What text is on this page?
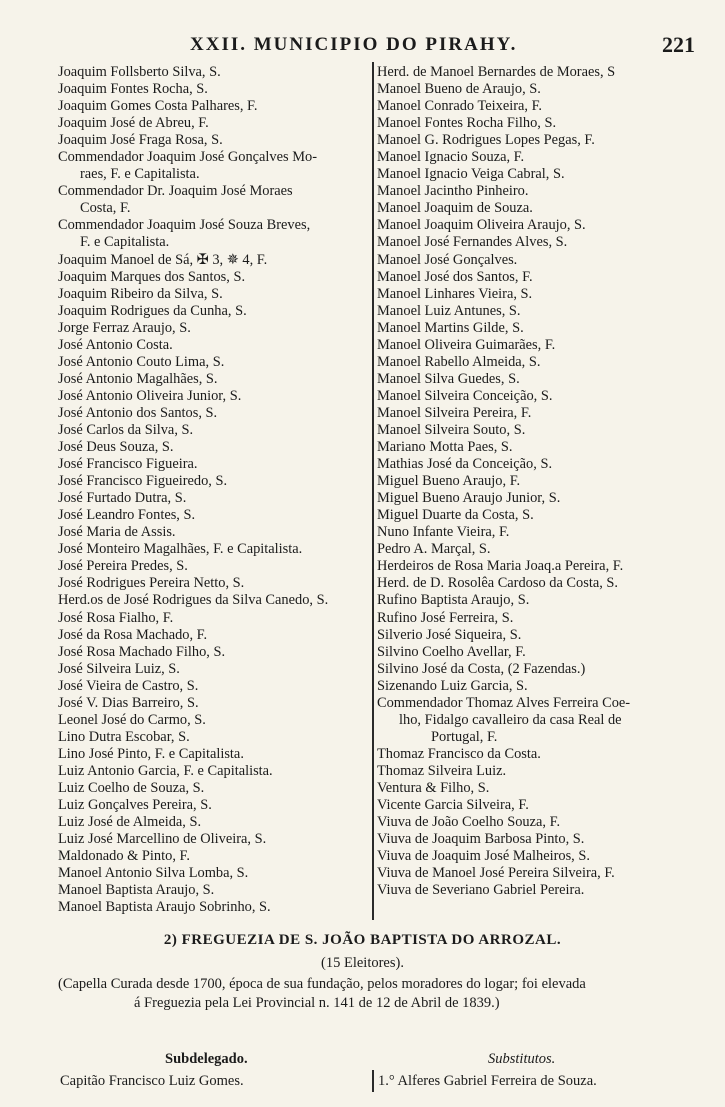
XXII. MUNICIPIO DO PIRAHY.	221
Joaquim Follsberto Silva, S.
Joaquim Fontes Rocha, S.
Joaquim Gomes Costa Palhares, F.
Joaquim José de Abreu, F.
Joaquim José Fraga Rosa, S.
Commendador Joaquim José Gonçalves Mo-
raes, F. e Capitalista.
Commendador Dr. Joaquim José Moraes
Costa, F.
Commendador Joaquim José Souza Breves,
F. e Capitalista.
Joaquim Manoel de Sá, ✠ 3, ✵ 4, F.
Joaquim Marques dos Santos, S.
Joaquim Ribeiro da Silva, S.
Joaquim Rodrigues da Cunha, S.
Jorge Ferraz Araujo, S.
José Antonio Costa.
José Antonio Couto Lima, S.
José Antonio Magalhães, S.
José Antonio Oliveira Junior, S.
José Antonio dos Santos, S.
José Carlos da Silva, S.
José Deus Souza, S.
José Francisco Figueira.
José Francisco Figueiredo, S.
José Furtado Dutra, S.
José Leandro Fontes, S.
José Maria de Assis.
José Monteiro Magalhães, F. e Capitalista.
José Pereira Predes, S.
José Rodrigues Pereira Netto, S.
Herd.os de José Rodrigues da Silva Canedo, S.
José Rosa Fialho, F.
José da Rosa Machado, F.
José Rosa Machado Filho, S.
José Silveira Luiz, S.
José Vieira de Castro, S.
José V. Dias Barreiro, S.
Leonel José do Carmo, S.
Lino Dutra Escobar, S.
Lino José Pinto, F. e Capitalista.
Luiz Antonio Garcia, F. e Capitalista.
Luiz Coelho de Souza, S.
Luiz Gonçalves Pereira, S.
Luiz José de Almeida, S.
Luiz José Marcellino de Oliveira, S.
Maldonado & Pinto, F.
Manoel Antonio Silva Lomba, S.
Manoel Baptista Araujo, S.
Manoel Baptista Araujo Sobrinho, S.
Herd. de Manoel Bernardes de Moraes, S
Manoel Bueno de Araujo, S.
Manoel Conrado Teixeira, F.
Manoel Fontes Rocha Filho, S.
Manoel G. Rodrigues Lopes Pegas, F.
Manoel Ignacio Souza, F.
Manoel Ignacio Veiga Cabral, S.
Manoel Jacintho Pinheiro.
Manoel Joaquim de Souza.
Manoel Joaquim Oliveira Araujo, S.
Manoel José Fernandes Alves, S.
Manoel José Gonçalves.
Manoel José dos Santos, F.
Manoel Linhares Vieira, S.
Manoel Luiz Antunes, S.
Manoel Martins Gilde, S.
Manoel Oliveira Guimarães, F.
Manoel Rabello Almeida, S.
Manoel Silva Guedes, S.
Manoel Silveira Conceição, S.
Manoel Silveira Pereira, F.
Manoel Silveira Souto, S.
Mariano Motta Paes, S.
Mathias José da Conceição, S.
Miguel Bueno Araujo, F.
Miguel Bueno Araujo Junior, S.
Miguel Duarte da Costa, S.
Nuno Infante Vieira, F.
Pedro A. Marçal, S.
Herdeiros de Rosa Maria Joaq.a Pereira, F.
Herd. de D. Rosolêa Cardoso da Costa, S.
Rufino Baptista Araujo, S.
Rufino José Ferreira, S.
Silverio José Siqueira, S.
Silvino Coelho Avellar, F.
Silvino José da Costa, (2 Fazendas.)
Sizenando Luiz Garcia, S.
Commendador Thomaz Alves Ferreira Coe-
lho, Fidalgo cavalleiro da casa Real de
Portugal, F.
Thomaz Francisco da Costa.
Thomaz Silveira Luiz.
Ventura & Filho, S.
Vicente Garcia Silveira, F.
Viuva de João Coelho Souza, F.
Viuva de Joaquim Barbosa Pinto, S.
Viuva de Joaquim José Malheiros, S.
Viuva de Manoel José Pereira Silveira, F.
Viuva de Severiano Gabriel Pereira.
2) FREGUEZIA DE S. JOÃO BAPTISTA DO ARROZAL.
(15 Eleitores).
(Capella Curada desde 1700, época de sua fundação, pelos moradores do logar; foi elevada
á Freguezia pela Lei Provincial n. 141 de 12 de Abril de 1839.)
Subdelegado.	Substitutos.
Capitão Francisco Luiz Gomes.	1.° Alferes Gabriel Ferreira de Souza.
